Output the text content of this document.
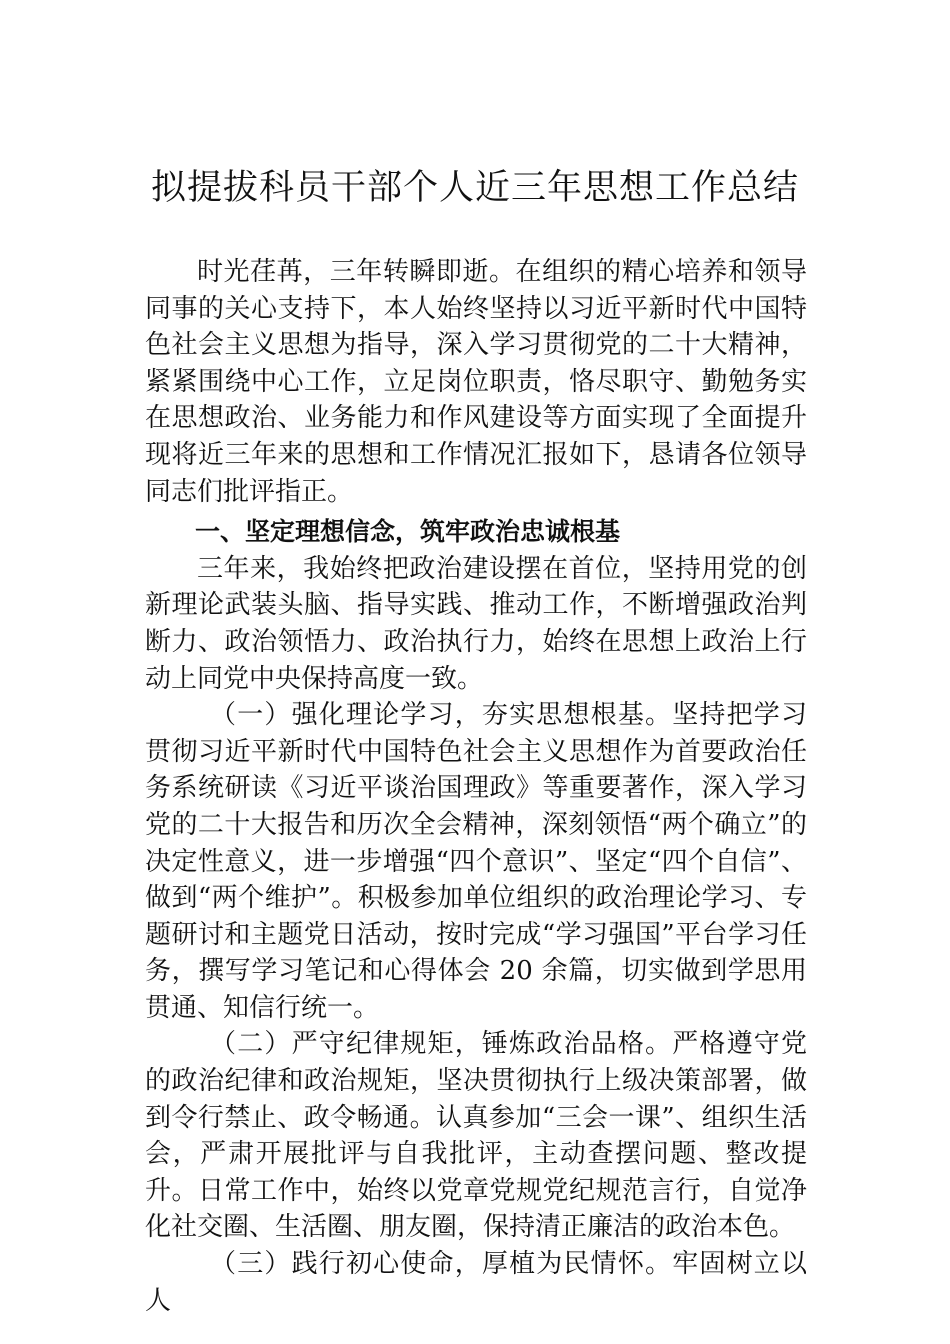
拟提拔科员干部个人近三年思想工作总结

时光荏苒，三年转瞬即逝。在组织的精心培养和领导同事的关心支持下，本人始终坚持以习近平新时代中国特色社会主义思想为指导，深入学习贯彻党的二十大精神，紧紧围绕中心工作，立足岗位职责，恪尽职守、勤勉务实在思想政治、业务能力和作风建设等方面实现了全面提升现将近三年来的思想和工作情况汇报如下，恳请各位领导同志们批评指正。

一、坚定理想信念，筑牢政治忠诚根基

三年来，我始终把政治建设摆在首位，坚持用党的创新理论武装头脑、指导实践、推动工作，不断增强政治判断力、政治领悟力、政治执行力，始终在思想上政治上行动上同党中央保持高度一致。

（一）强化理论学习，夯实思想根基。坚持把学习贯彻习近平新时代中国特色社会主义思想作为首要政治任务系统研读《习近平谈治国理政》等重要著作，深入学习党的二十大报告和历次全会精神，深刻领悟“两个确立”的决定性意义，进一步增强“四个意识”、坚定“四个自信”、做到“两个维护”。积极参加单位组织的政治理论学习、专题研讨和主题党日活动，按时完成“学习强国”平台学习任务，撰写学习笔记和心得体会 20 余篇，切实做到学思用贯通、知信行统一。

（二）严守纪律规矩，锤炼政治品格。严格遵守党的政治纪律和政治规矩，坚决贯彻执行上级决策部署，做到令行禁止、政令畅通。认真参加“三会一课”、组织生活会，严肃开展批评与自我批评，主动查摆问题、整改提升。日常工作中，始终以党章党规党纪规范言行，自觉净化社交圈、生活圈、朋友圈，保持清正廉洁的政治本色。

（三）践行初心使命，厚植为民情怀。牢固树立以人
